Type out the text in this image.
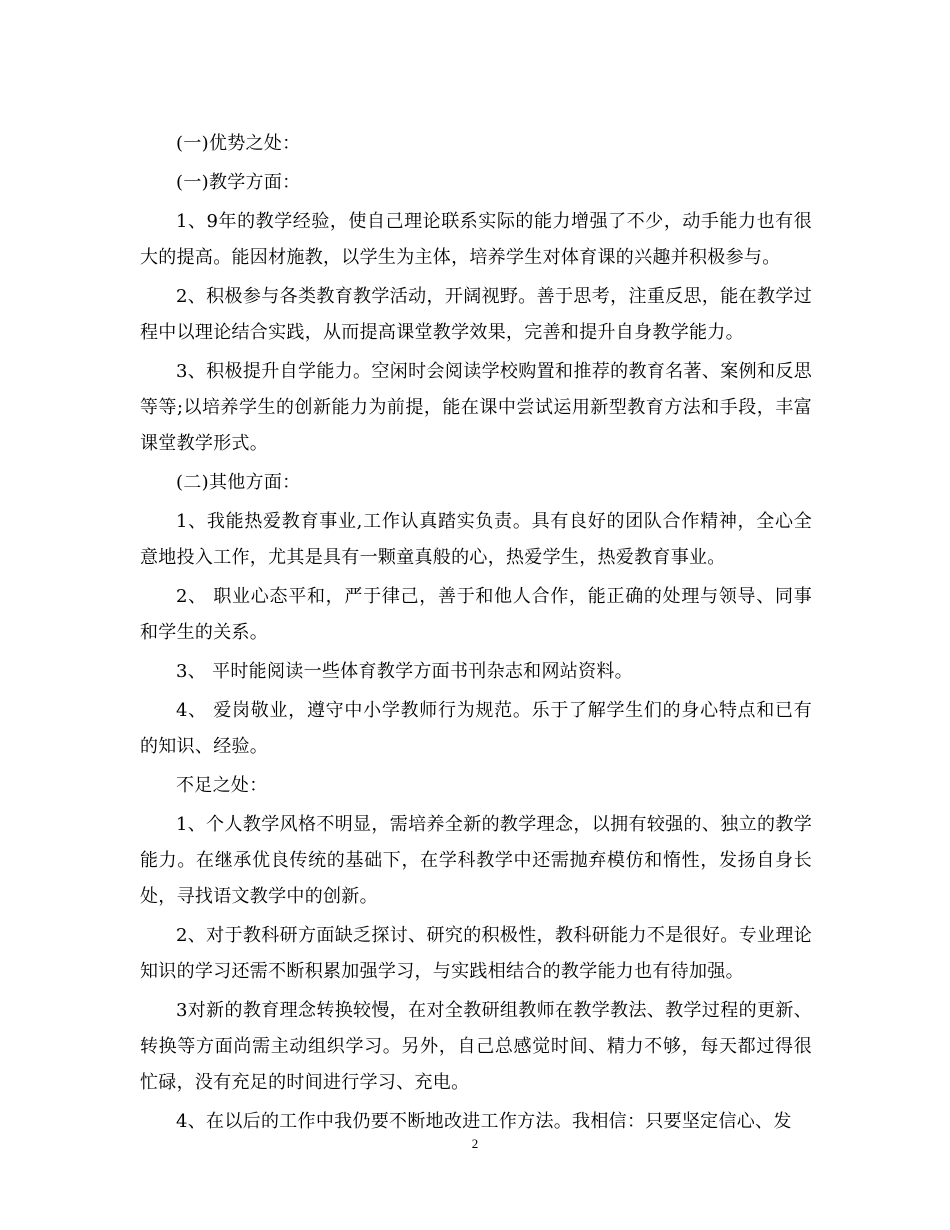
(一)优势之处：

(一)教学方面：

1、9年的教学经验，使自己理论联系实际的能力增强了不少，动手能力也有很大的提高。能因材施教，以学生为主体，培养学生对体育课的兴趣并积极参与。

2、积极参与各类教育教学活动，开阔视野。善于思考，注重反思，能在教学过程中以理论结合实践，从而提高课堂教学效果，完善和提升自身教学能力。

3、积极提升自学能力。空闲时会阅读学校购置和推荐的教育名著、案例和反思等等;以培养学生的创新能力为前提，能在课中尝试运用新型教育方法和手段，丰富课堂教学形式。

(二)其他方面：

1、我能热爱教育事业,工作认真踏实负责。具有良好的团队合作精神，全心全意地投入工作，尤其是具有一颗童真般的心，热爱学生，热爱教育事业。

2、 职业心态平和，严于律己，善于和他人合作，能正确的处理与领导、同事和学生的关系。

3、 平时能阅读一些体育教学方面书刊杂志和网站资料。

4、 爱岗敬业，遵守中小学教师行为规范。乐于了解学生们的身心特点和已有的知识、经验。

不足之处：

1、个人教学风格不明显，需培养全新的教学理念，以拥有较强的、独立的教学能力。在继承优良传统的基础下，在学科教学中还需抛弃模仿和惰性，发扬自身长处，寻找语文教学中的创新。

2、对于教科研方面缺乏探讨、研究的积极性，教科研能力不是很好。专业理论知识的学习还需不断积累加强学习，与实践相结合的教学能力也有待加强。

3对新的教育理念转换较慢，在对全教研组教师在教学教法、教学过程的更新、转换等方面尚需主动组织学习。另外，自己总感觉时间、精力不够，每天都过得很忙碌，没有充足的时间进行学习、充电。

4、在以后的工作中我仍要不断地改进工作方法。我相信：只要坚定信心、发

2
